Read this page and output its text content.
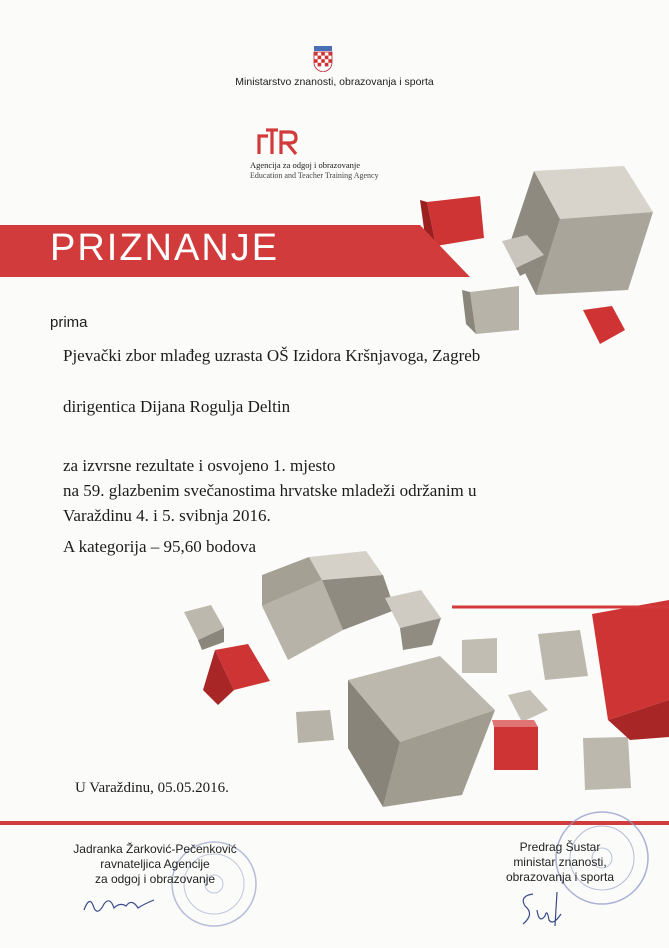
Ministarstvo znanosti, obrazovanja i sporta
Agencija za odgoj i obrazovanje
Education and Teacher Training Agency
PRIZNANJE
prima
Pjevački zbor mlađeg uzrasta OŠ Izidora Kršnjavoga, Zagreb
dirigentica Dijana Rogulja Deltin
za izvrsne rezultate i osvojeno 1. mjesto
na 59. glazbenim svečanostima hrvatske mladeži održanim u
Varaždinu 4. i 5. svibnja 2016.
A kategorija – 95,60 bodova
U Varaždinu, 05.05.2016.
Jadranka Žarković-Pečenković
ravnateljica Agencije
za odgoj i obrazovanje
Predrag Šustar
ministar znanosti,
obrazovanja i sporta
